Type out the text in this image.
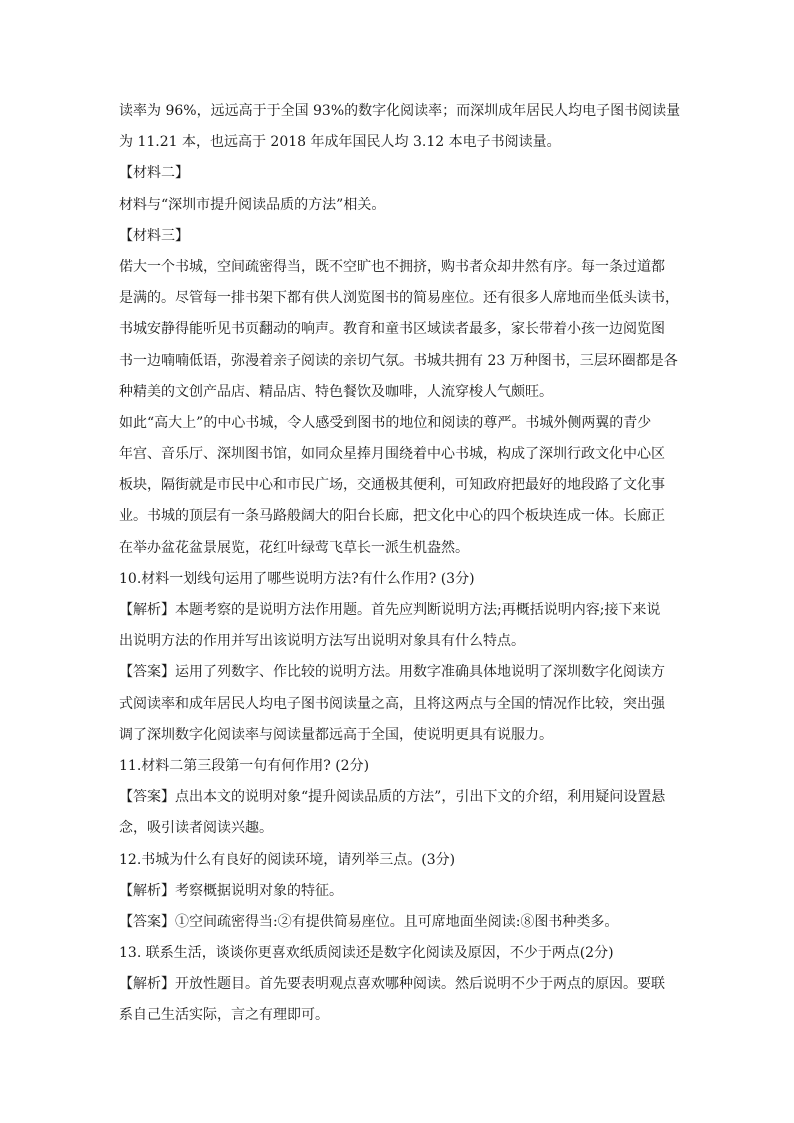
读率为 96%，远远高于于全国 93%的数字化阅读率；而深圳成年居民人均电子图书阅读量
为 11.21 本，也远高于 2018 年成年国民人均 3.12 本电子书阅读量。
【材料二】
材料与“深圳市提升阅读品质的方法”相关。
【材料三】
偌大一个书城，空间疏密得当，既不空旷也不拥挤，购书者众却井然有序。每一条过道都
是满的。尽管每一排书架下都有供人浏览图书的简易座位。还有很多人席地而坐低头读书，
书城安静得能听见书页翻动的响声。教育和童书区域读者最多，家长带着小孩一边阅览图
书一边喃喃低语，弥漫着亲子阅读的亲切气氛。书城共拥有 23 万种图书，三层环圈都是各
种精美的文创产品店、精品店、特色餐饮及咖啡，人流穿梭人气颇旺。
如此“高大上”的中心书城，令人感受到图书的地位和阅读的尊严。书城外侧两翼的青少
年宫、音乐厅、深圳图书馆，如同众星捧月围绕着中心书城，构成了深圳行政文化中心区
板块，隔街就是市民中心和市民广场，交通极其便利，可知政府把最好的地段路了文化事
业。书城的顶层有一条马路般阔大的阳台长廊，把文化中心的四个板块连成一体。长廊正
在举办盆花盆景展览，花红叶绿莺飞草长一派生机盎然。
10.材料一划线句运用了哪些说明方法?有什么作用? (3分)
【解析】本题考察的是说明方法作用题。首先应判断说明方法;再概括说明内容;接下来说
出说明方法的作用并写出该说明方法写出说明对象具有什么特点。
【答案】运用了列数字、作比较的说明方法。用数字准确具体地说明了深圳数字化阅读方
式阅读率和成年居民人均电子图书阅读量之高，且将这两点与全国的情况作比较，突出强
调了深圳数字化阅读率与阅读量都远高于全国，使说明更具有说服力。
11.材料二第三段第一句有何作用? (2分)
【答案】点出本文的说明对象“提升阅读品质的方法”，引出下文的介绍，利用疑问设置悬
念，吸引读者阅读兴趣。
12.书城为什么有良好的阅读环境，请列举三点。(3分)
【解析】考察概据说明对象的特征。
【答案】①空间疏密得当:②有提供简易座位。且可席地面坐阅读:⑧图书种类多。
13. 联系生活，谈谈你更喜欢纸质阅读还是数字化阅读及原因，不少于两点(2分)
【解析】开放性题目。首先要表明观点喜欢哪种阅读。然后说明不少于两点的原因。要联
系自己生活实际，言之有理即可。
